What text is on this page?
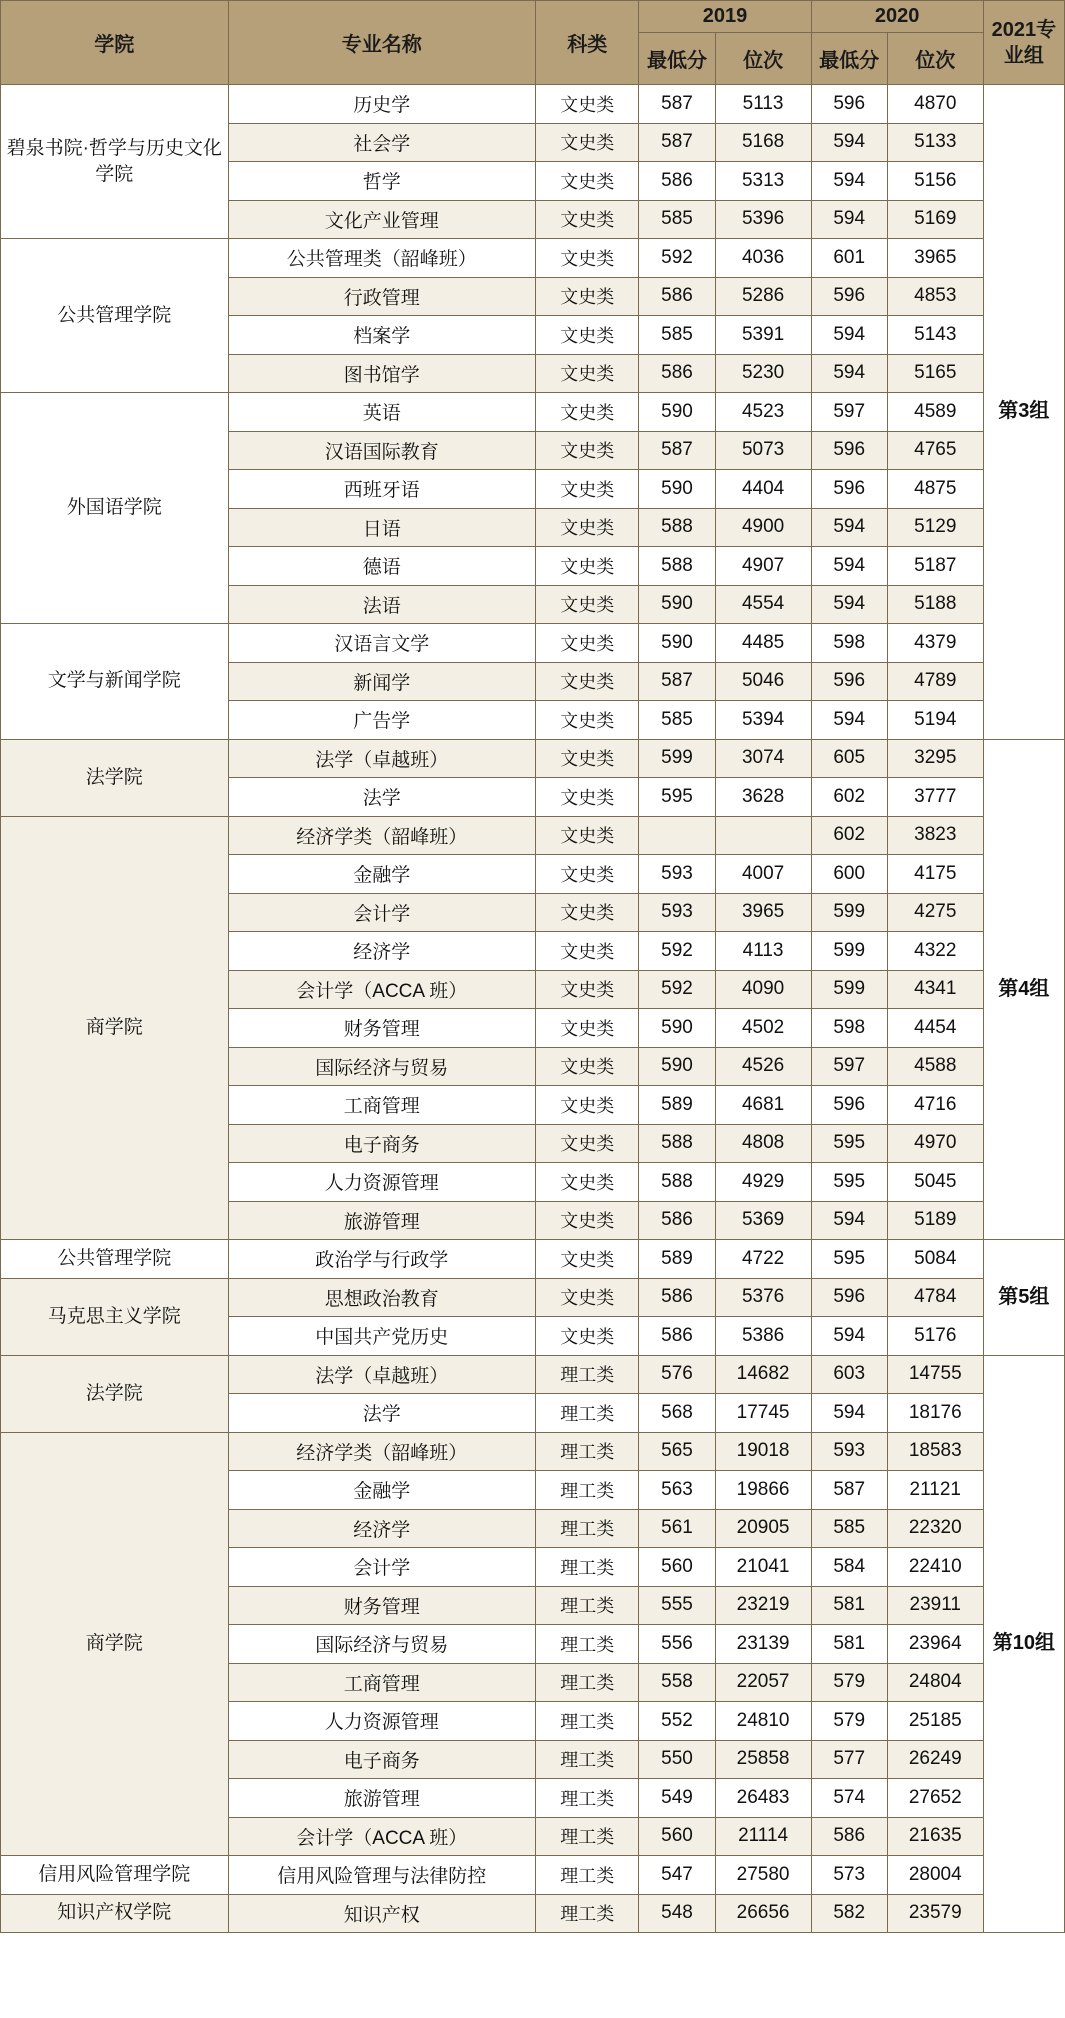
学院	专业名称	科类	2019		2020		2021专业组
			最低分	位次	最低分	位次	
碧泉书院·哲学与历史文化学院	历史学	文史类	587	5113	596	4870	第3组
	社会学	文史类	587	5168	594	5133	
	哲学	文史类	586	5313	594	5156	
	文化产业管理	文史类	585	5396	594	5169	
公共管理学院	公共管理类（韶峰班）	文史类	592	4036	601	3965	
	行政管理	文史类	586	5286	596	4853	
	档案学	文史类	585	5391	594	5143	
	图书馆学	文史类	586	5230	594	5165	
外国语学院	英语	文史类	590	4523	597	4589	
	汉语国际教育	文史类	587	5073	596	4765	
	西班牙语	文史类	590	4404	596	4875	
	日语	文史类	588	4900	594	5129	
	德语	文史类	588	4907	594	5187	
	法语	文史类	590	4554	594	5188	
文学与新闻学院	汉语言文学	文史类	590	4485	598	4379	
	新闻学	文史类	587	5046	596	4789	
	广告学	文史类	585	5394	594	5194	
法学院	法学（卓越班）	文史类	599	3074	605	3295	第4组
	法学	文史类	595	3628	602	3777	
商学院	经济学类（韶峰班）	文史类			602	3823	
	金融学	文史类	593	4007	600	4175	
	会计学	文史类	593	3965	599	4275	
	经济学	文史类	592	4113	599	4322	
	会计学（ACCA 班）	文史类	592	4090	599	4341	
	财务管理	文史类	590	4502	598	4454	
	国际经济与贸易	文史类	590	4526	597	4588	
	工商管理	文史类	589	4681	596	4716	
	电子商务	文史类	588	4808	595	4970	
	人力资源管理	文史类	588	4929	595	5045	
	旅游管理	文史类	586	5369	594	5189	
公共管理学院	政治学与行政学	文史类	589	4722	595	5084	第5组
马克思主义学院	思想政治教育	文史类	586	5376	596	4784	
	中国共产党历史	文史类	586	5386	594	5176	
法学院	法学（卓越班）	理工类	576	14682	603	14755	第10组
	法学	理工类	568	17745	594	18176	
商学院	经济学类（韶峰班）	理工类	565	19018	593	18583	
	金融学	理工类	563	19866	587	21121	
	经济学	理工类	561	20905	585	22320	
	会计学	理工类	560	21041	584	22410	
	财务管理	理工类	555	23219	581	23911	
	国际经济与贸易	理工类	556	23139	581	23964	
	工商管理	理工类	558	22057	579	24804	
	人力资源管理	理工类	552	24810	579	25185	
	电子商务	理工类	550	25858	577	26249	
	旅游管理	理工类	549	26483	574	27652	
	会计学（ACCA 班）	理工类	560	21114	586	21635	
信用风险管理学院	信用风险管理与法律防控	理工类	547	27580	573	28004	
知识产权学院	知识产权	理工类	548	26656	582	23579	
